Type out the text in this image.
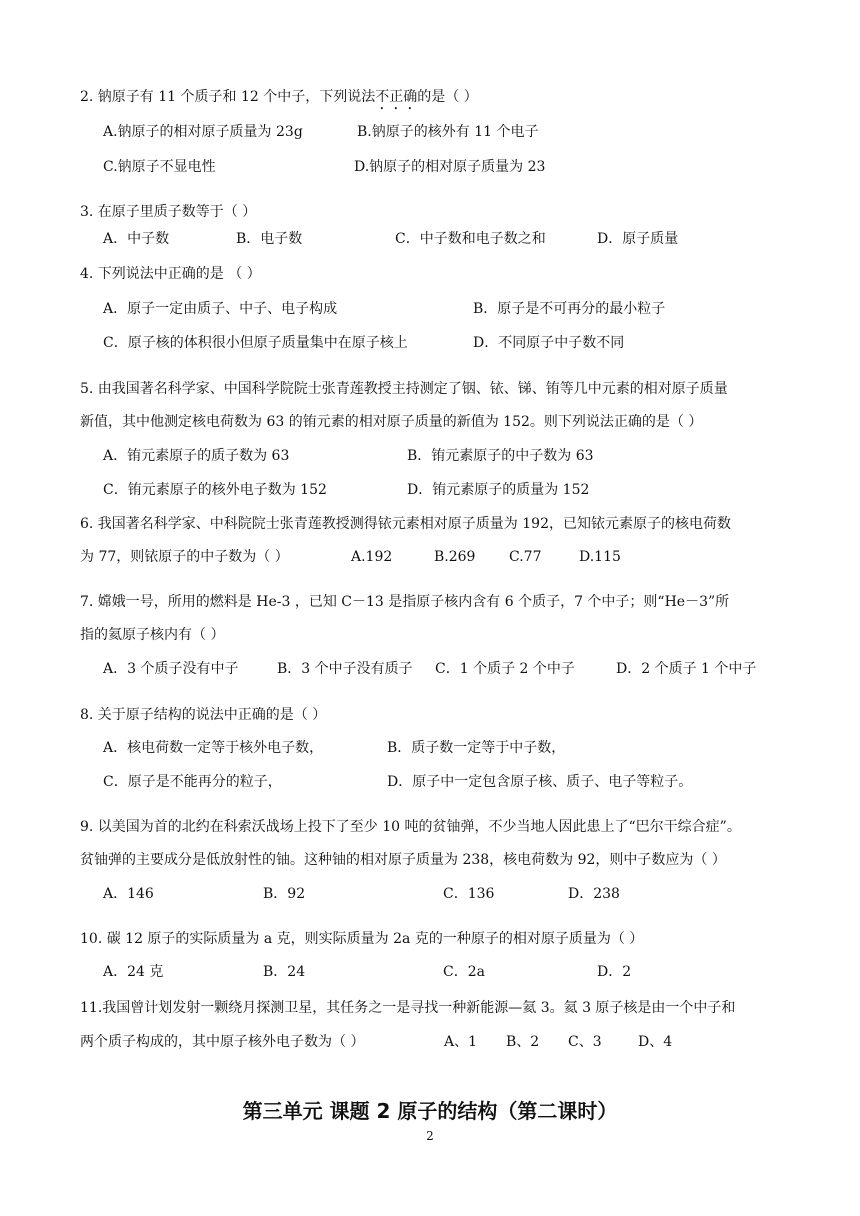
2. 钠原子有 11 个质子和 12 个中子，下列说法不正确的是（ ）
A.钠原子的相对原子质量为 23g	B.钠原子的核外有 11 个电子
C.钠原子不显电性	D.钠原子的相对原子质量为 23
3. 在原子里质子数等于（ ）
A．中子数	B．电子数	C．中子数和电子数之和	D．原子质量
4. 下列说法中正确的是 （ ）
A．原子一定由质子、中子、电子构成	B．原子是不可再分的最小粒子
C．原子核的体积很小但原子质量集中在原子核上	D．不同原子中子数不同
5. 由我国著名科学家、中国科学院院士张青莲教授主持测定了铟、铱、锑、铕等几中元素的相对原子质量
新值，其中他测定核电荷数为 63 的铕元素的相对原子质量的新值为 152。则下列说法正确的是（ ）
A．铕元素原子的质子数为 63	B．铕元素原子的中子数为 63
C．铕元素原子的核外电子数为 152	D．铕元素原子的质量为 152
6. 我国著名科学家、中科院院士张青莲教授测得铱元素相对原子质量为 192，已知铱元素原子的核电荷数
为 77，则铱原子的中子数为（ ）	A.192	B.269 C.77	D.115
7. 嫦娥一号，所用的燃料是 He-3 ，已知 C－13 是指原子核内含有 6 个质子，7 个中子；则“He－3”所
指的氦原子核内有（ ）
A．3 个质子没有中子	B．3 个中子没有质子 C．1 个质子 2 个中子	D．2 个质子 1 个中子
8. 关于原子结构的说法中正确的是（ ）
A．核电荷数一定等于核外电子数，	B．质子数一定等于中子数，
C．原子是不能再分的粒子，	D．原子中一定包含原子核、质子、电子等粒子。
9. 以美国为首的北约在科索沃战场上投下了至少 10 吨的贫铀弹，不少当地人因此患上了“巴尔干综合症”。
贫铀弹的主要成分是低放射性的铀。这种铀的相对原子质量为 238，核电荷数为 92，则中子数应为（ ）
A．146	B．92	C．136	D．238
10. 碳 12 原子的实际质量为 a 克，则实际质量为 2a 克的一种原子的相对原子质量为（ ）
A．24 克	B．24	C．2a	D．2
11.我国曾计划发射一颗绕月探测卫星，其任务之一是寻找一种新能源—氦 3。氦 3 原子核是由一个中子和
两个质子构成的，其中原子核外电子数为（ ）	A、1 B、2 C、3	D、4
第三单元 课题 2 原子的结构（第二课时）
2
